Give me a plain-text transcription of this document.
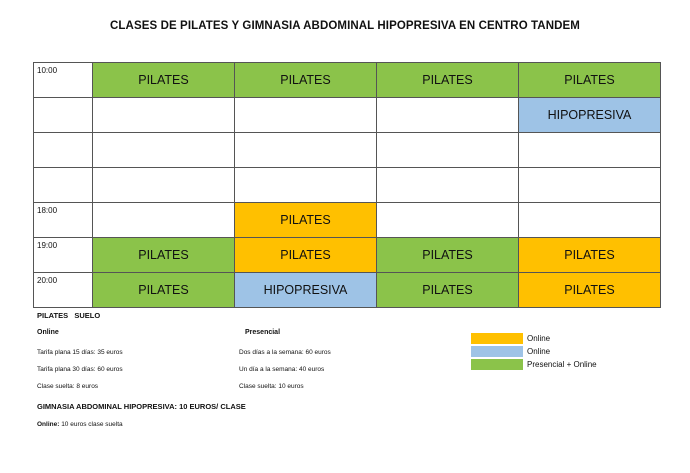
CLASES DE PILATES Y GIMNASIA ABDOMINAL HIPOPRESIVA EN CENTRO TANDEM
10:00	PILATES	PILATES	PILATES	PILATES
				HIPOPRESIVA

18:00		PILATES		
19:00	PILATES	PILATES	PILATES	PILATES
20:00	PILATES	HIPOPRESIVA	PILATES	PILATES
PILATES SUELO
Online	Presencial
Tarifa plana 15 días: 35 euros
Tarifa plana 30 días: 60 euros
Clase suelta: 8 euros
Dos días a la semana: 60 euros
Un día a la semana: 40 euros
Clase suelta: 10 euros
GIMNASIA ABDOMINAL HIPOPRESIVA: 10 EUROS/ CLASE
Online: 10 euros clase suelta
Online
Online
Presencial + Online
